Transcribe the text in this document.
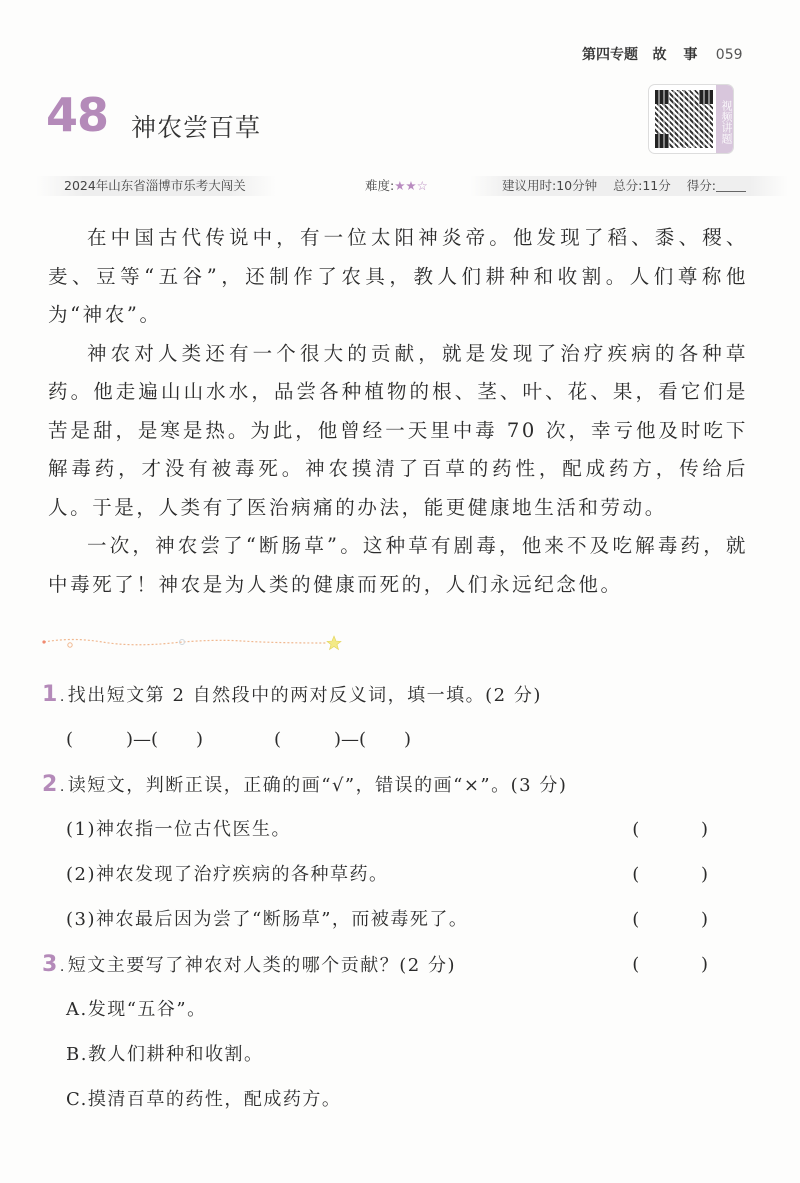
第四专题 故 事 059
48 神农尝百草	视频讲题
2024年山东省淄博市乐考大闯关	难度:★★☆	建议用时:10分钟 总分:11分 得分:

在中国古代传说中，有一位太阳神炎帝。他发现了稻、黍、稷、麦、豆等“五谷”，还制作了农具，教人们耕种和收割。人们尊称他为“神农”。

神农对人类还有一个很大的贡献，就是发现了治疗疾病的各种草药。他走遍山山水水，品尝各种植物的根、茎、叶、花、果，看它们是苦是甜，是寒是热。为此，他曾经一天里中毒 70 次，幸亏他及时吃下解毒药，才没有被毒死。神农摸清了百草的药性，配成药方，传给后人。于是，人类有了医治病痛的办法，能更健康地生活和劳动。

一次，神农尝了“断肠草”。这种草有剧毒，他来不及吃解毒药，就中毒死了！神农是为人类的健康而死的，人们永远纪念他。

1. 找出短文第 2 自然段中的两对反义词，填一填。(2 分)
(	)—( )	(	)—( )
2. 读短文，判断正误，正确的画“√”，错误的画“×”。(3 分)
(1)神农指一位古代医生。	( )
(2)神农发现了治疗疾病的各种草药。	( )
(3)神农最后因为尝了“断肠草”，而被毒死了。	( )
3. 短文主要写了神农对人类的哪个贡献？(2 分)	( )
A.发现“五谷”。
B.教人们耕种和收割。
C.摸清百草的药性，配成药方。
